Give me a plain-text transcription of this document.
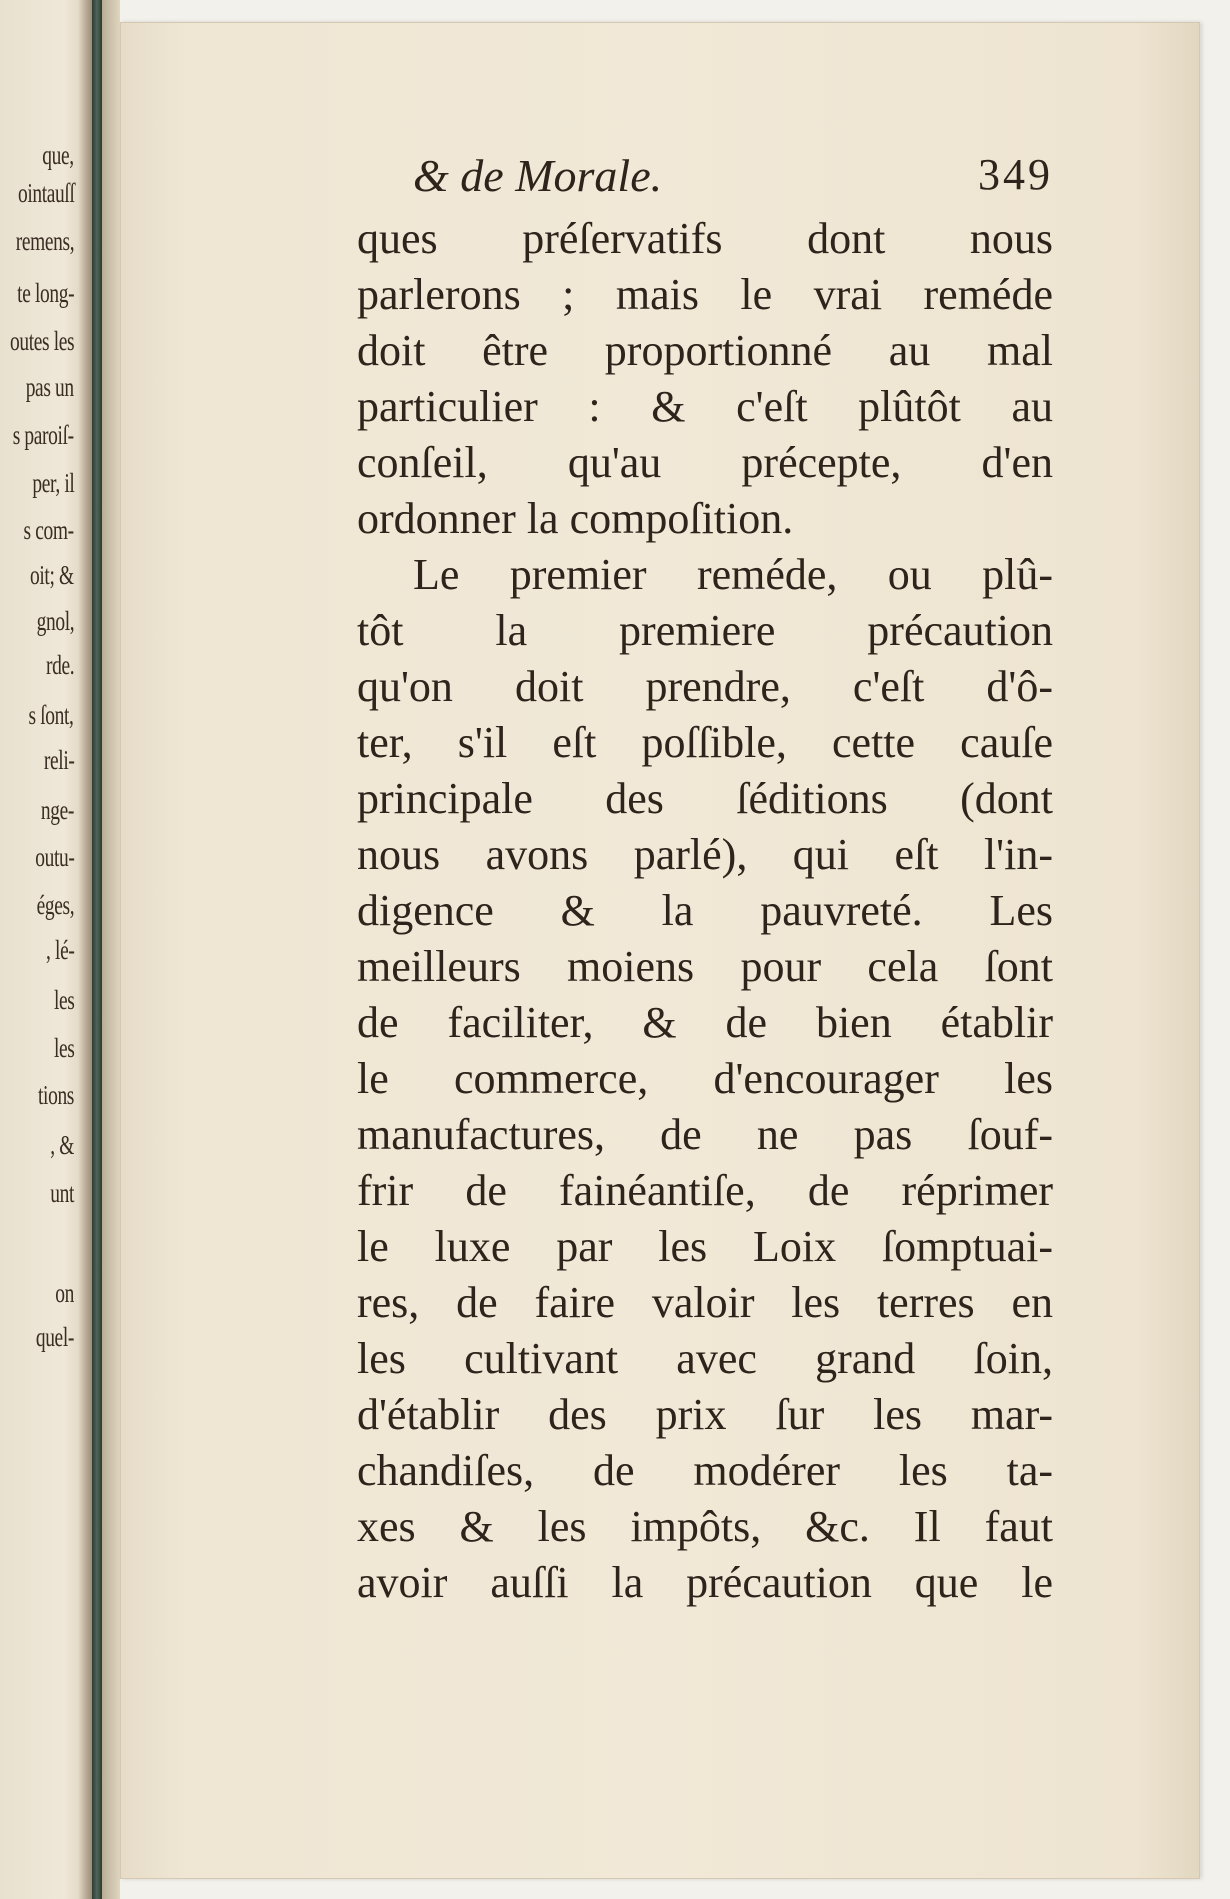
que,
ointauſſ
remens,
te long-
outes les
pas un
s paroiſ-
per, il
s com-
oit; &
gnol,
rde.
s ſont,
reli-
nge-
outu-
éges,
, lé-
les
les
tions
, &
unt
on
quel-
& de Morale.	349
ques préſervatifs dont nous
parlerons ; mais le vrai reméde
doit être proportionné au mal
particulier : & c'eſt plûtôt au
conſeil, qu'au précepte, d'en
ordonner la compoſition.
Le premier reméde, ou plû-
tôt la premiere précaution
qu'on doit prendre, c'eſt d'ô-
ter, s'il eſt poſſible, cette cauſe
principale des ſéditions (dont
nous avons parlé), qui eſt l'in-
digence & la pauvreté. Les
meilleurs moiens pour cela ſont
de faciliter, & de bien établir
le commerce, d'encourager les
manufactures, de ne pas ſouf-
frir de fainéantiſe, de réprimer
le luxe par les Loix ſomptuai-
res, de faire valoir les terres en
les cultivant avec grand ſoin,
d'établir des prix ſur les mar-
chandiſes, de modérer les ta-
xes & les impôts, &c. Il faut
avoir auſſi la précaution que le
